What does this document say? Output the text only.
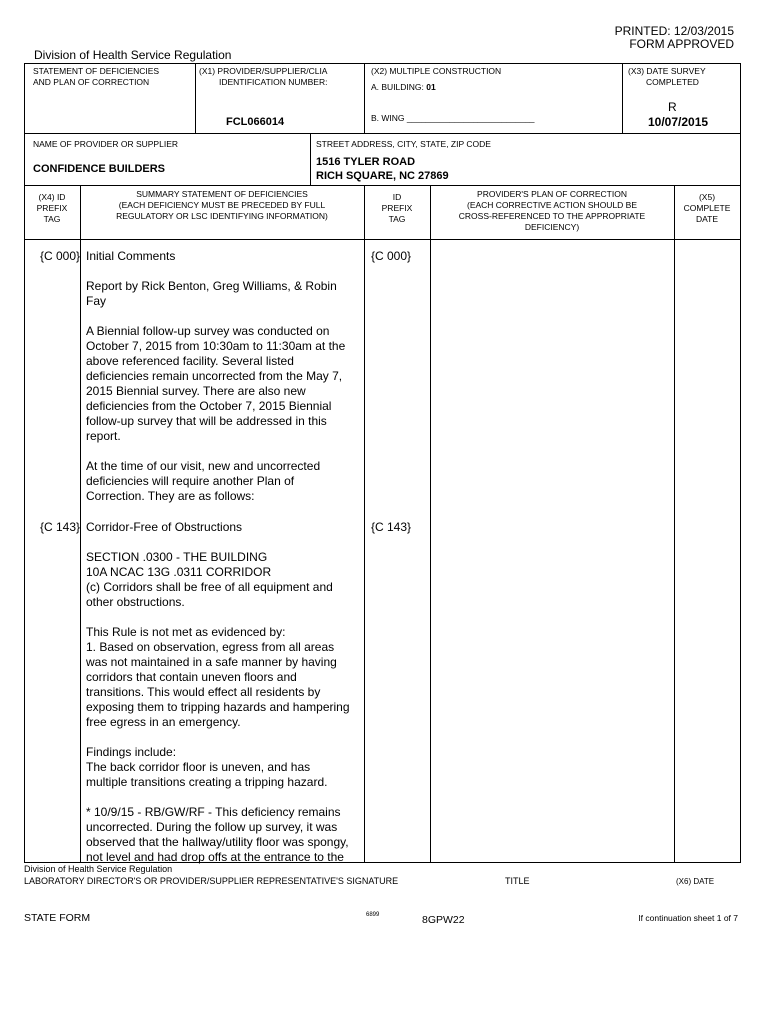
PRINTED: 12/03/2015
FORM APPROVED
Division of Health Service Regulation
STATEMENT OF DEFICIENCIES
AND PLAN OF CORRECTION
(X1) PROVIDER/SUPPLIER/CLIA
IDENTIFICATION NUMBER:
FCL066014
(X2) MULTIPLE CONSTRUCTION
A. BUILDING: 01
B. WING ___________________________
(X3) DATE SURVEY
COMPLETED
R
10/07/2015
NAME OF PROVIDER OR SUPPLIER
CONFIDENCE BUILDERS
STREET ADDRESS, CITY, STATE, ZIP CODE
1516 TYLER ROAD
RICH SQUARE, NC 27869
(X4) ID
PREFIX
TAG
SUMMARY STATEMENT OF DEFICIENCIES
(EACH DEFICIENCY MUST BE PRECEDED BY FULL
REGULATORY OR LSC IDENTIFYING INFORMATION)
ID
PREFIX
TAG
PROVIDER'S PLAN OF CORRECTION
(EACH CORRECTIVE ACTION SHOULD BE
CROSS-REFERENCED TO THE APPROPRIATE
DEFICIENCY)
(X5)
COMPLETE
DATE
{C 000}	{C 000}
Initial Comments

Report by Rick Benton, Greg Williams, & Robin
Fay

A Biennial follow-up survey was conducted on
October 7, 2015 from 10:30am to 11:30am at the
above referenced facility. Several listed
deficiencies remain uncorrected from the May 7,
2015 Biennial survey. There are also new
deficiencies from the October 7, 2015 Biennial
follow-up survey that will be addressed in this
report.

At the time of our visit, new and uncorrected
deficiencies will require another Plan of
Correction. They are as follows:
{C 143}	{C 143}
Corridor-Free of Obstructions

SECTION .0300 - THE BUILDING
10A NCAC 13G .0311 CORRIDOR
(c) Corridors shall be free of all equipment and
other obstructions.

This Rule is not met as evidenced by:
1. Based on observation, egress from all areas
was not maintained in a safe manner by having
corridors that contain uneven floors and
transitions. This would effect all residents by
exposing them to tripping hazards and hampering
free egress in an emergency.

Findings include:
The back corridor floor is uneven, and has
multiple transitions creating a tripping hazard.

* 10/9/15 - RB/GW/RF - This deficiency remains
uncorrected. During the follow up survey, it was
observed that the hallway/utility floor was spongy,
not level and had drop offs at the entrance to the
Division of Health Service Regulation
LABORATORY DIRECTOR'S OR PROVIDER/SUPPLIER REPRESENTATIVE'S SIGNATURE	TITLE	(X6) DATE
STATE FORM	6899	8GPW22	If continuation sheet 1 of 7
